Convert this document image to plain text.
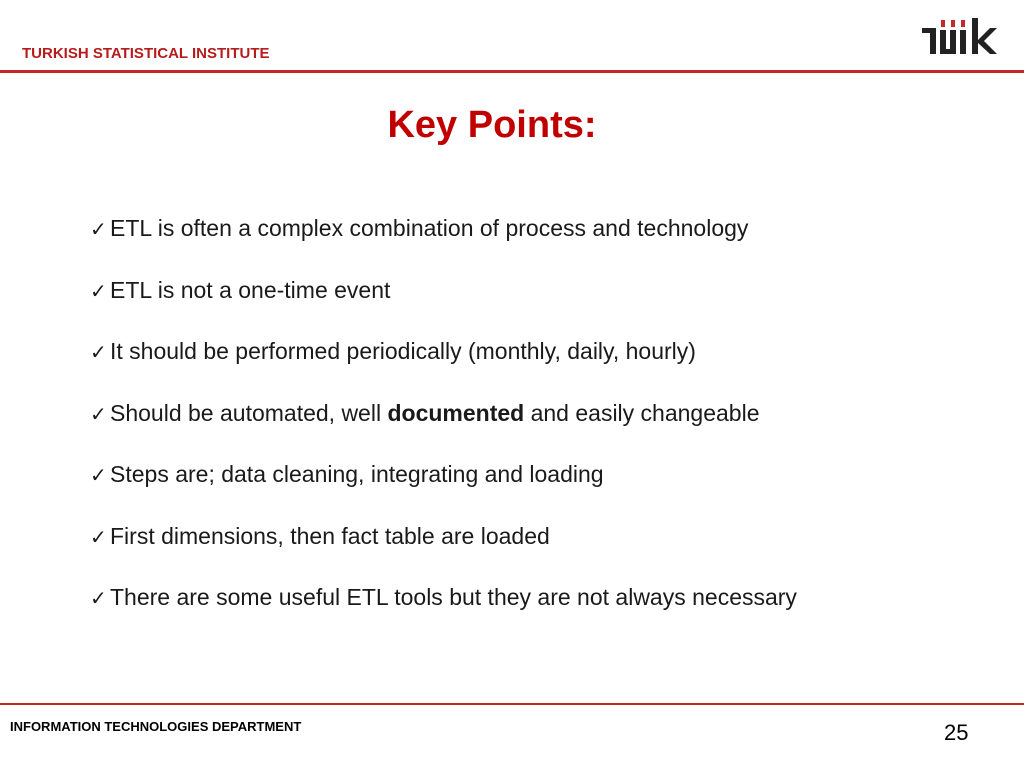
TURKISH STATISTICAL INSTITUTE
Key Points:
✓ ETL is often a complex combination of process and technology
✓ ETL is not a one-time event
✓ It should be performed periodically (monthly, daily, hourly)
✓ Should be automated, well documented and easily changeable
✓ Steps are; data cleaning, integrating and loading
✓ First dimensions, then fact table are loaded
✓ There are some useful ETL tools but they are not always necessary
INFORMATION TECHNOLOGIES DEPARTMENT	25
